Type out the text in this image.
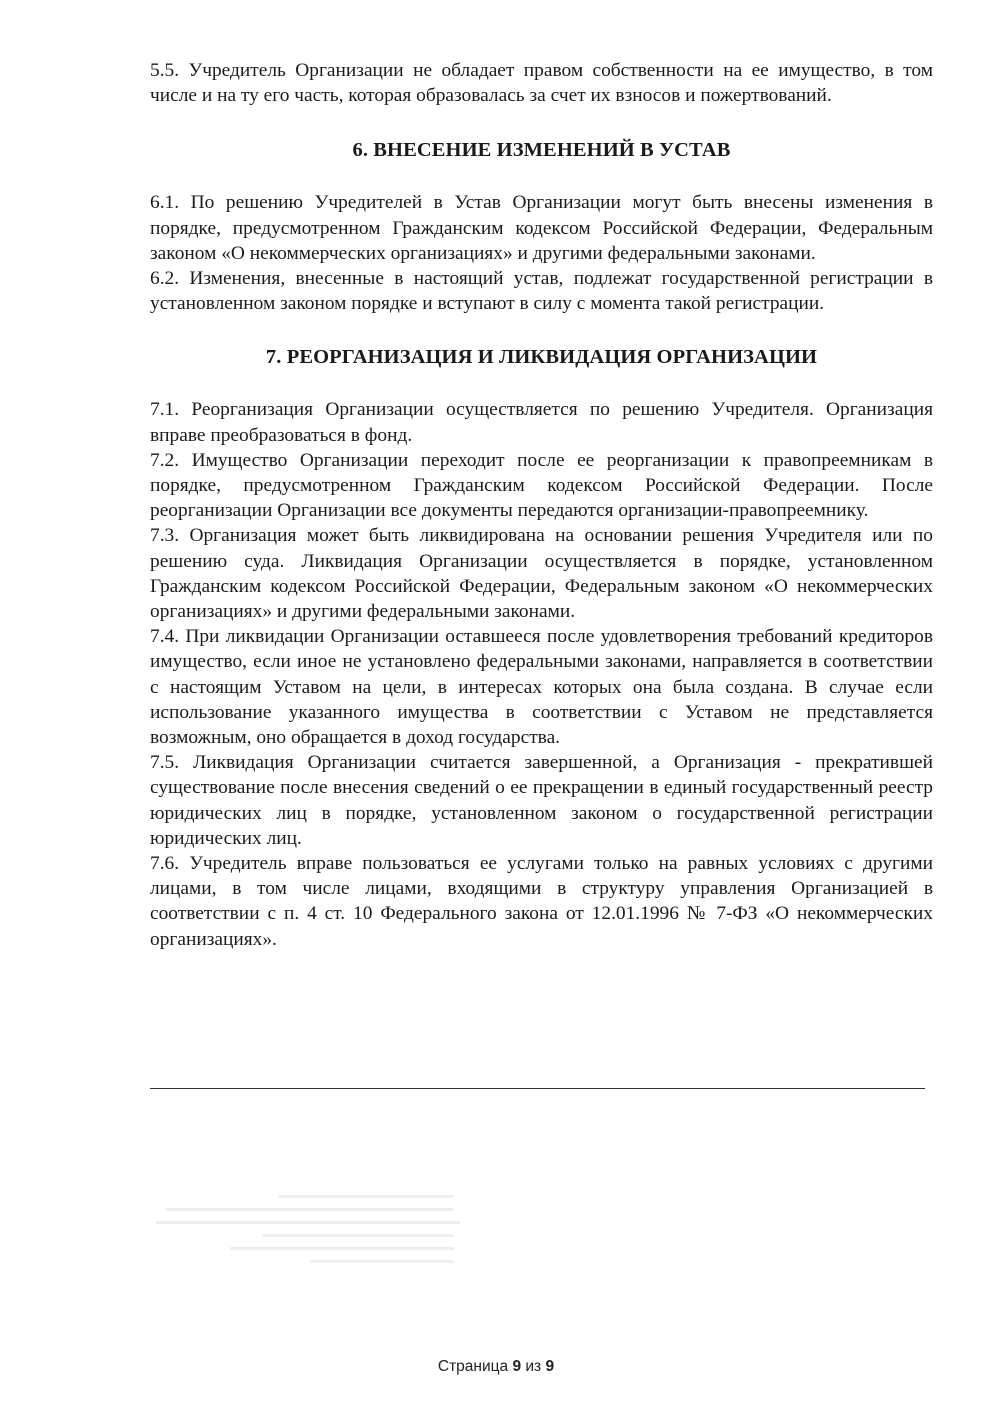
5.5. Учредитель Организации не обладает правом собственности на ее имущество, в том числе и на ту его часть, которая образовалась за счет их взносов и пожертвований.

6. ВНЕСЕНИЕ ИЗМЕНЕНИЙ В УСТАВ

6.1. По решению Учредителей в Устав Организации могут быть внесены изменения в порядке, предусмотренном Гражданским кодексом Российской Федерации, Федеральным законом «О некоммерческих организациях» и другими федеральными законами.

6.2. Изменения, внесенные в настоящий устав, подлежат государственной регистрации в установленном законом порядке и вступают в силу с момента такой регистрации.

7. РЕОРГАНИЗАЦИЯ И ЛИКВИДАЦИЯ ОРГАНИЗАЦИИ

7.1. Реорганизация Организации осуществляется по решению Учредителя. Организация вправе преобразоваться в фонд.

7.2. Имущество Организации переходит после ее реорганизации к правопреемникам в порядке, предусмотренном Гражданским кодексом Российской Федерации. После реорганизации Организации все документы передаются организации-правопреемнику.

7.3. Организация может быть ликвидирована на основании решения Учредителя или по решению суда. Ликвидация Организации осуществляется в порядке, установленном Гражданским кодексом Российской Федерации, Федеральным законом «О некоммерческих организациях» и другими федеральными законами.

7.4. При ликвидации Организации оставшееся после удовлетворения требований кредиторов имущество, если иное не установлено федеральными законами, направляется в соответствии с настоящим Уставом на цели, в интересах которых она была создана. В случае если использование указанного имущества в соответствии с Уставом не представляется возможным, оно обращается в доход государства.

7.5. Ликвидация Организации считается завершенной, а Организация - прекратившей существование после внесения сведений о ее прекращении в единый государственный реестр юридических лиц в порядке, установленном законом о государственной регистрации юридических лиц.

7.6. Учредитель вправе пользоваться ее услугами только на равных условиях с другими лицами, в том числе лицами, входящими в структуру управления Организацией в соответствии с п. 4 ст. 10 Федерального закона от 12.01.1996 № 7-ФЗ «О некоммерческих организациях».

Страница 9 из 9
